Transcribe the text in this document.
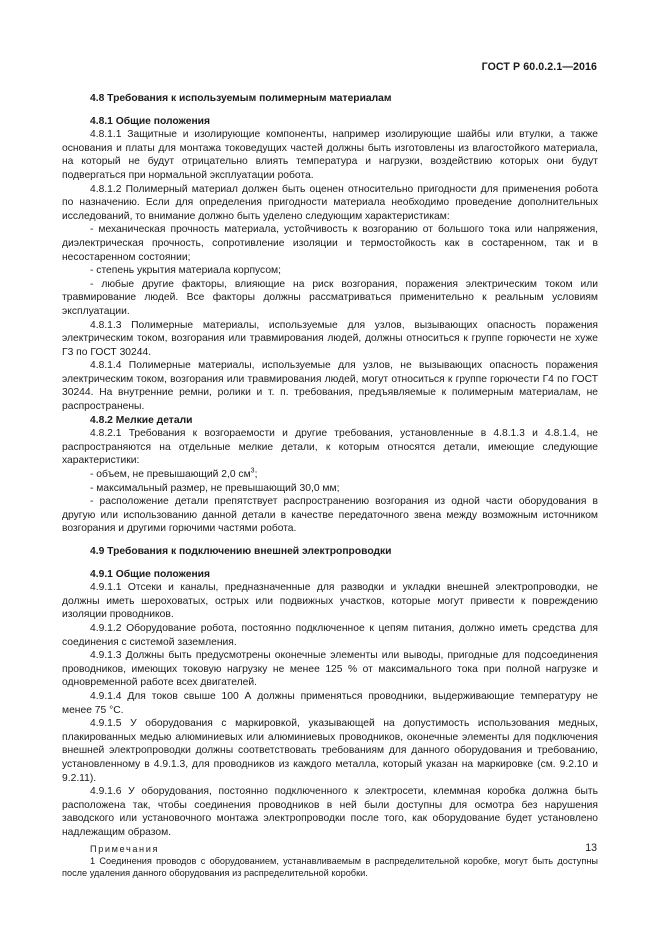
ГОСТ Р 60.0.2.1—2016

4.8 Требования к используемым полимерным материалам

4.8.1 Общие положения

4.8.1.1 Защитные и изолирующие компоненты, например изолирующие шайбы или втулки, а также основания и платы для монтажа токоведущих частей должны быть изготовлены из влагостойкого материала, на который не будут отрицательно влиять температура и нагрузки, воздействию которых они будут подвергаться при нормальной эксплуатации робота.

4.8.1.2 Полимерный материал должен быть оценен относительно пригодности для применения робота по назначению. Если для определения пригодности материала необходимо проведение дополнительных исследований, то внимание должно быть уделено следующим характеристикам:

- механическая прочность материала, устойчивость к возгоранию от большого тока или напряжения, диэлектрическая прочность, сопротивление изоляции и термостойкость как в состаренном, так и в несостаренном состоянии;

- степень укрытия материала корпусом;

- любые другие факторы, влияющие на риск возгорания, поражения электрическим током или травмирование людей. Все факторы должны рассматриваться применительно к реальным условиям эксплуатации.

4.8.1.3 Полимерные материалы, используемые для узлов, вызывающих опасность поражения электрическим током, возгорания или травмирования людей, должны относиться к группе горючести не хуже Г3 по ГОСТ 30244.

4.8.1.4 Полимерные материалы, используемые для узлов, не вызывающих опасность поражения электрическим током, возгорания или травмирования людей, могут относиться к группе горючести Г4 по ГОСТ 30244. На внутренние ремни, ролики и т. п. требования, предъявляемые к полимерным материалам, не распространены.

4.8.2 Мелкие детали

4.8.2.1 Требования к возгораемости и другие требования, установленные в 4.8.1.3 и 4.8.1.4, не распространяются на отдельные мелкие детали, к которым относятся детали, имеющие следующие характеристики:

- объем, не превышающий 2,0 $см^3$;

- максимальный размер, не превышающий 30,0 мм;

- расположение детали препятствует распространению возгорания из одной части оборудования в другую или использованию данной детали в качестве передаточного звена между возможным источником возгорания и другими горючими частями робота.

4.9 Требования к подключению внешней электропроводки

4.9.1 Общие положения

4.9.1.1 Отсеки и каналы, предназначенные для разводки и укладки внешней электропроводки, не должны иметь шероховатых, острых или подвижных участков, которые могут привести к повреждению изоляции проводников.

4.9.1.2 Оборудование робота, постоянно подключенное к цепям питания, должно иметь средства для соединения с системой заземления.

4.9.1.3 Должны быть предусмотрены оконечные элементы или выводы, пригодные для подсоединения проводников, имеющих токовую нагрузку не менее 125 % от максимального тока при полной нагрузке и одновременной работе всех двигателей.

4.9.1.4 Для токов свыше 100 А должны применяться проводники, выдерживающие температуру не менее 75 °С.

4.9.1.5 У оборудования с маркировкой, указывающей на допустимость использования медных, плакированных медью алюминиевых или алюминиевых проводников, оконечные элементы для подключения внешней электропроводки должны соответствовать требованиям для данного оборудования и требованию, установленному в 4.9.1.3, для проводников из каждого металла, который указан на маркировке (см. 9.2.10 и 9.2.11).

4.9.1.6 У оборудования, постоянно подключенного к электросети, клеммная коробка должна быть расположена так, чтобы соединения проводников в ней были доступны для осмотра без нарушения заводского или установочного монтажа электропроводки после того, как оборудование будет установлено надлежащим образом.

Примечания

1 Соединения проводов с оборудованием, устанавливаемым в распределительной коробке, могут быть доступны после удаления данного оборудования из распределительной коробки.

13
